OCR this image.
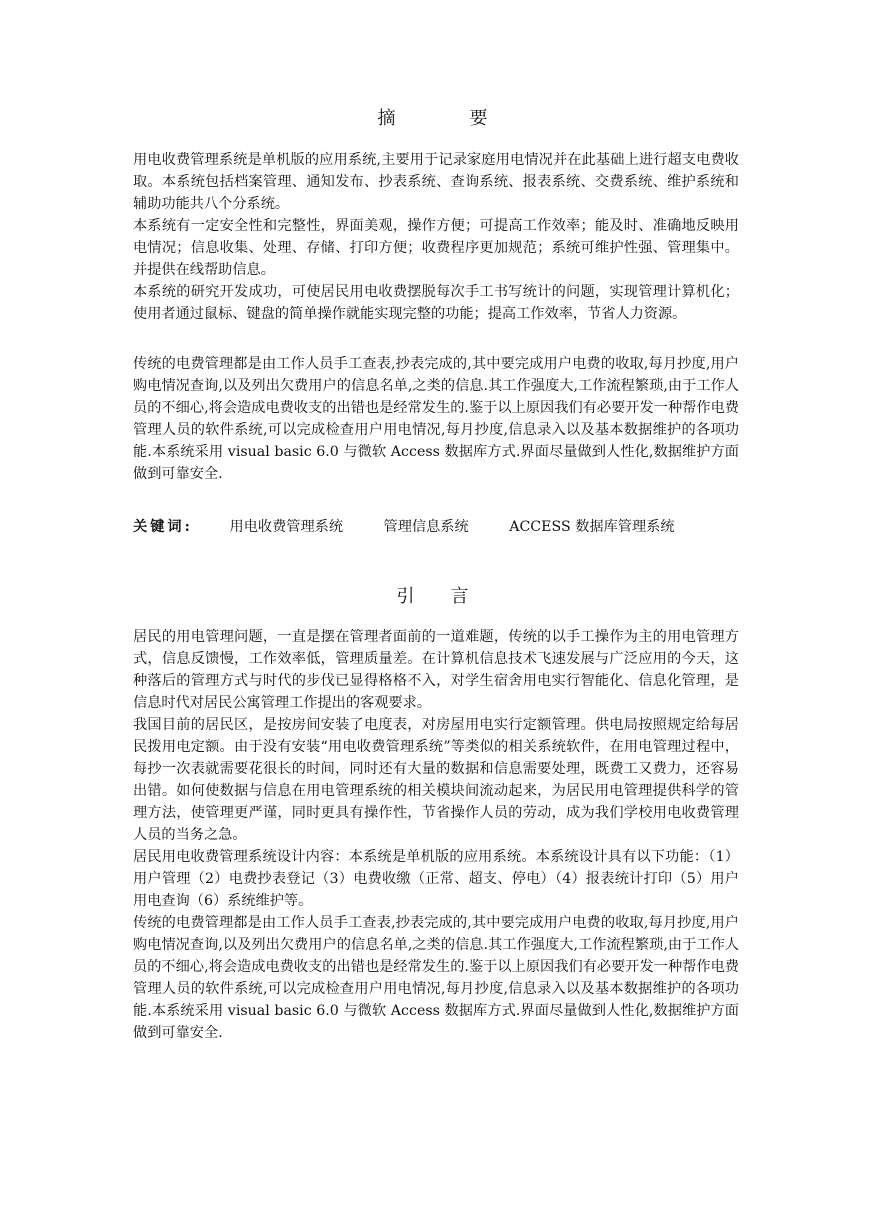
摘	要

用电收费管理系统是单机版的应用系统,主要用于记录家庭用电情况并在此基础上进行超支电费收取。本系统包括档案管理、通知发布、抄表系统、查询系统、报表系统、交费系统、维护系统和辅助功能共八个分系统。

本系统有一定安全性和完整性，界面美观，操作方便；可提高工作效率；能及时、准确地反映用电情况；信息收集、处理、存储、打印方便；收费程序更加规范；系统可维护性强、管理集中。并提供在线帮助信息。

本系统的研究开发成功，可使居民用电收费摆脱每次手工书写统计的问题，实现管理计算机化；使用者通过鼠标、键盘的简单操作就能实现完整的功能；提高工作效率，节省人力资源。

传统的电费管理都是由工作人员手工查表,抄表完成的,其中要完成用户电费的收取,每月抄度,用户购电情况查询,以及列出欠费用户的信息名单,之类的信息.其工作强度大,工作流程繁琐,由于工作人员的不细心,将会造成电费收支的出错也是经常发生的.鉴于以上原因我们有必要开发一种帮作电费管理人员的软件系统,可以完成检查用户用电情况,每月抄度,信息录入以及基本数据维护的各项功能.本系统采用 visual basic 6.0 与微软 Access 数据库方式.界面尽量做到人性化,数据维护方面做到可靠安全.

关键词:	用电收费管理系统	管理信息系统	ACCESS 数据库管理系统
引 言

居民的用电管理问题，一直是摆在管理者面前的一道难题，传统的以手工操作为主的用电管理方式，信息反馈慢，工作效率低，管理质量差。在计算机信息技术飞速发展与广泛应用的今天，这种落后的管理方式与时代的步伐已显得格格不入，对学生宿舍用电实行智能化、信息化管理，是信息时代对居民公寓管理工作提出的客观要求。

我国目前的居民区，是按房间安装了电度表，对房屋用电实行定额管理。供电局按照规定给每居民拨用电定额。由于没有安装“用电收费管理系统”等类似的相关系统软件，在用电管理过程中，每抄一次表就需要花很长的时间，同时还有大量的数据和信息需要处理，既费工又费力，还容易出错。如何使数据与信息在用电管理系统的相关模块间流动起来，为居民用电管理提供科学的管理方法，使管理更严谨，同时更具有操作性，节省操作人员的劳动，成为我们学校用电收费管理人员的当务之急。

居民用电收费管理系统设计内容：本系统是单机版的应用系统。本系统设计具有以下功能：（1）用户管理（2）电费抄表登记（3）电费收缴（正常、超支、停电）（4）报表统计打印（5）用户用电查询（6）系统维护等。

传统的电费管理都是由工作人员手工查表,抄表完成的,其中要完成用户电费的收取,每月抄度,用户购电情况查询,以及列出欠费用户的信息名单,之类的信息.其工作强度大,工作流程繁琐,由于工作人员的不细心,将会造成电费收支的出错也是经常发生的.鉴于以上原因我们有必要开发一种帮作电费管理人员的软件系统,可以完成检查用户用电情况,每月抄度,信息录入以及基本数据维护的各项功能.本系统采用 visual basic 6.0 与微软 Access 数据库方式.界面尽量做到人性化,数据维护方面做到可靠安全.
